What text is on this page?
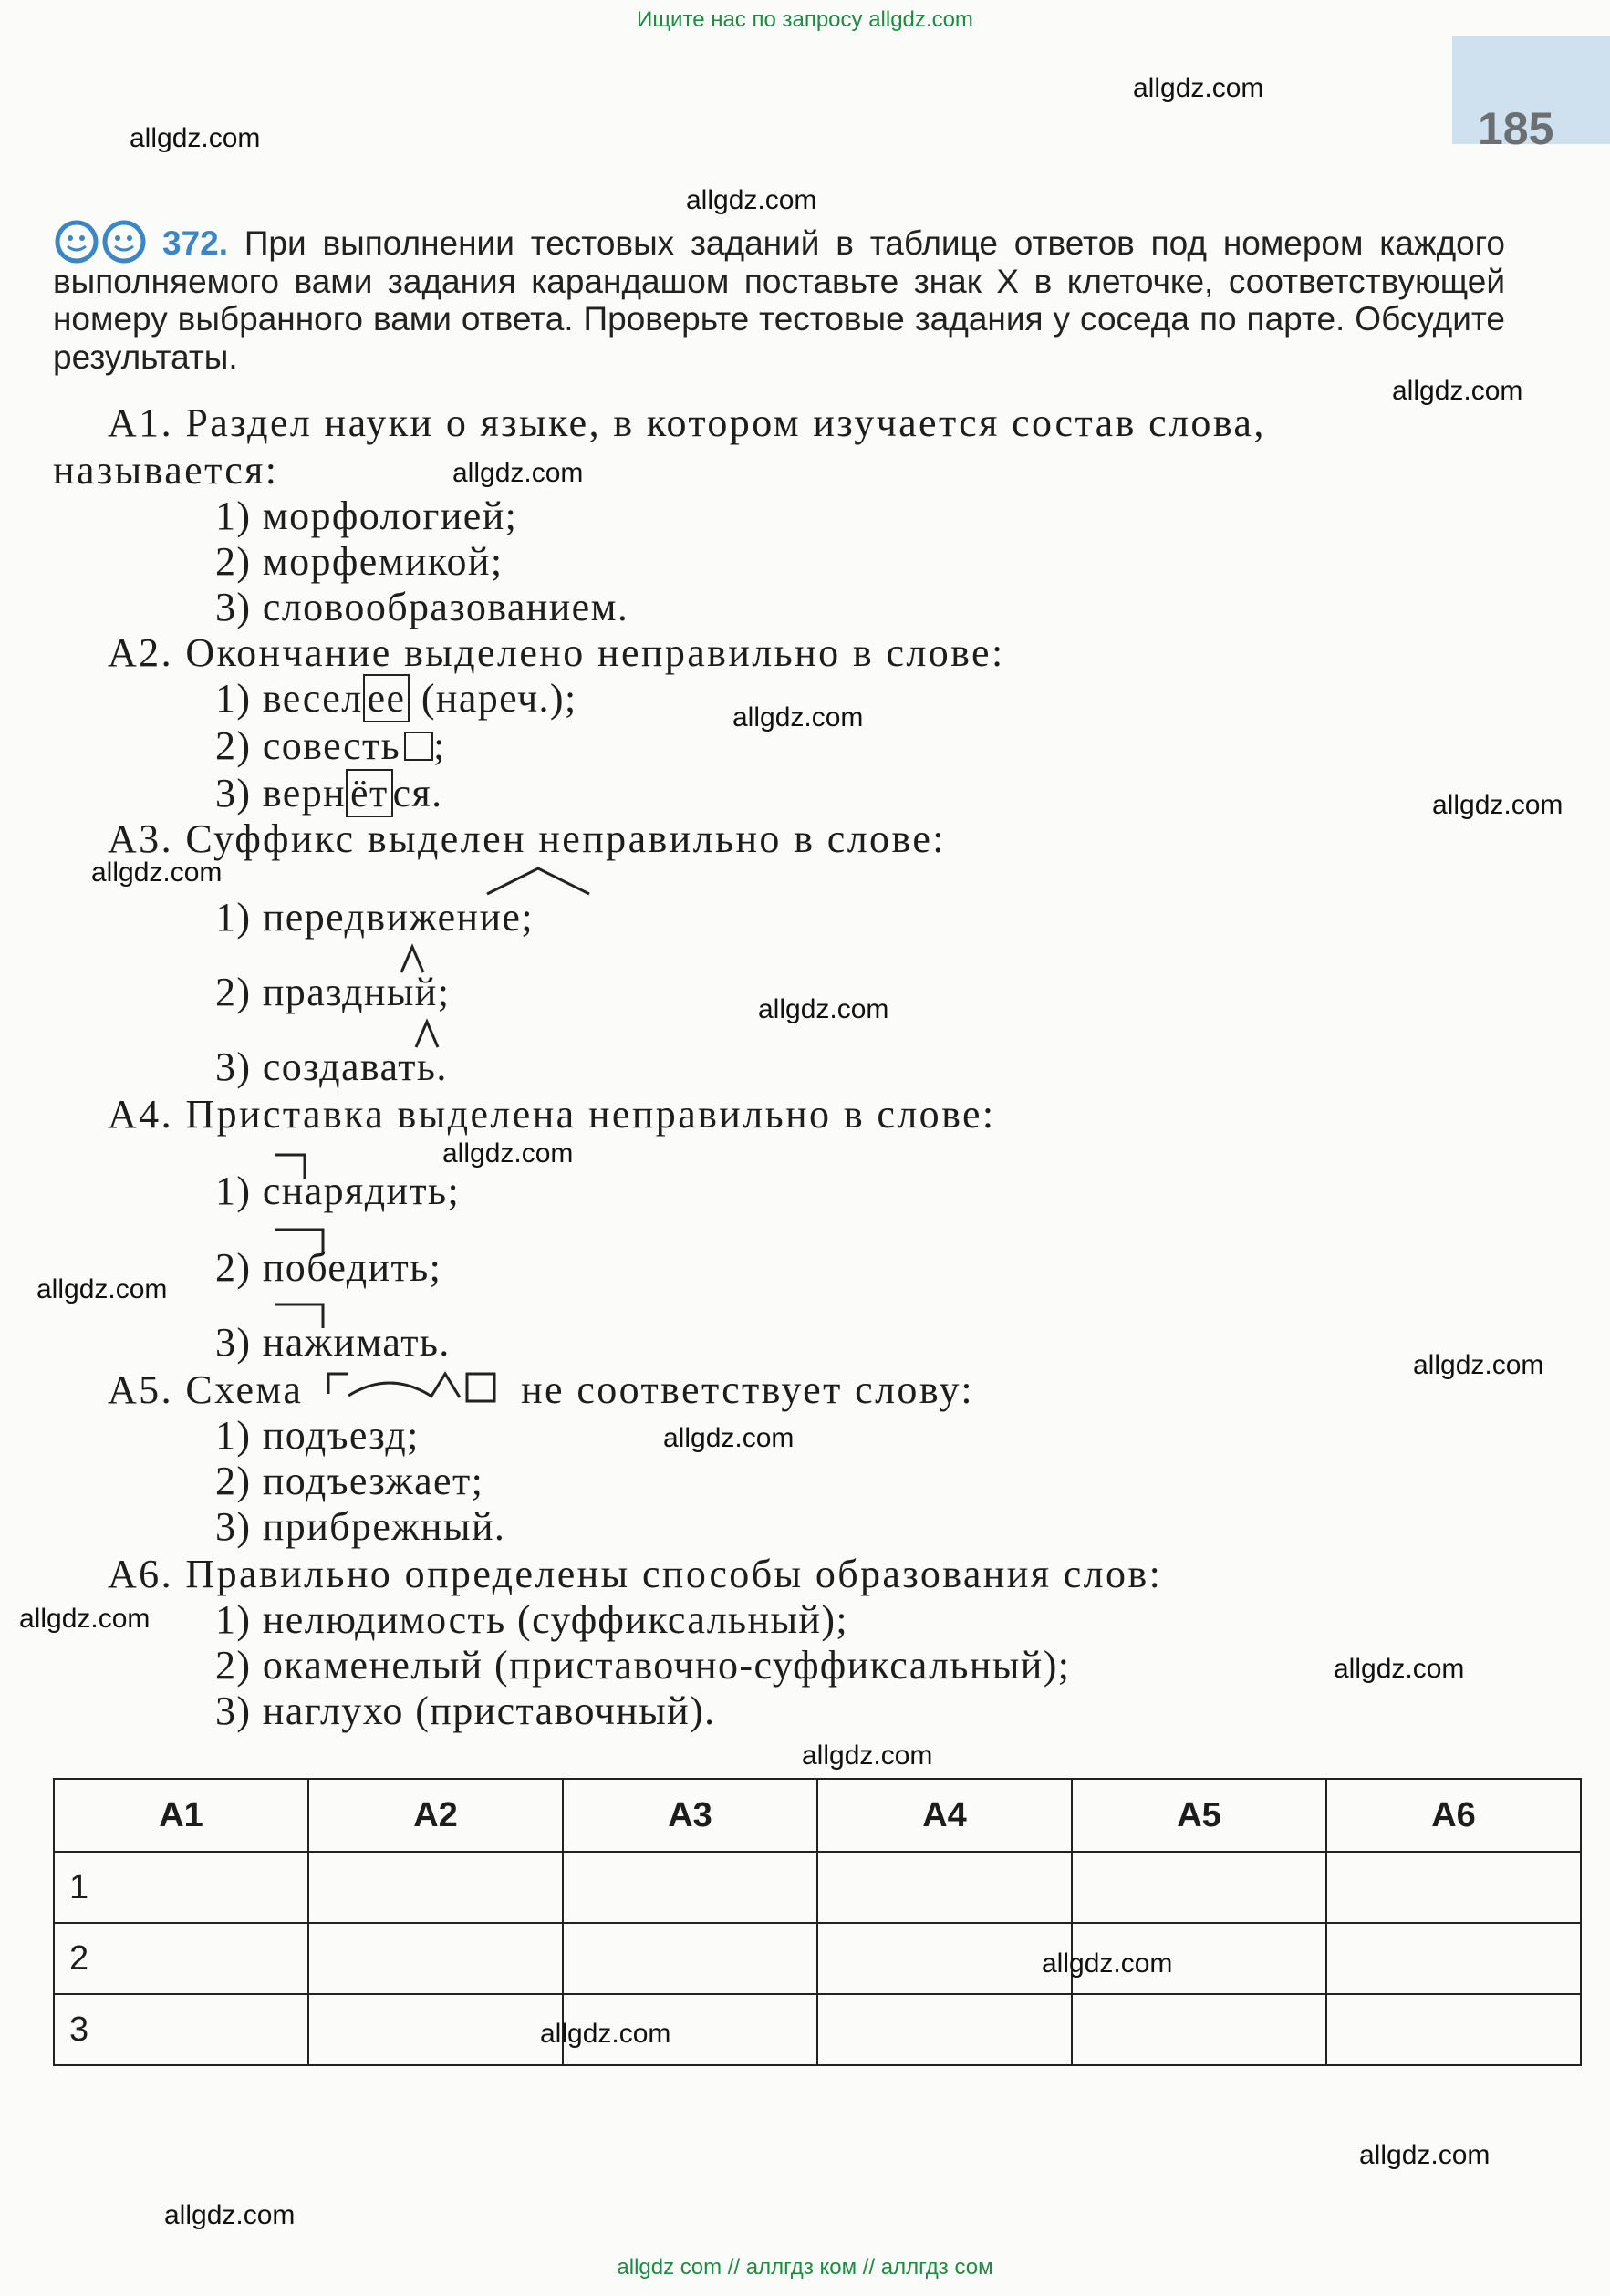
Ищите нас по запросу allgdz.com
185
372. При выполнении тестовых заданий в таблице ответов под номером каждого выполняемого вами задания карандашом поставьте знак X в клеточке, соответствующей номеру выбранного вами ответа. Проверьте тестовые задания у соседа по парте. Обсудите результаты.
А1. Раздел науки о языке, в котором изучается состав слова,
называется:
1) морфологией;
2) морфемикой;
3) словообразованием.
А2. Окончание выделено неправильно в слове:
1) весел ее (нареч.);
2) совесть ;
3) верн ёт ся.
А3. Суффикс выделен неправильно в слове:
1) передвижение;
2) праздный;
3) создавать.
А4. Приставка выделена неправильно в слове:
1) снарядить;
2) победить;
3) нажимать.
А5. Схема	не соответствует слову:
1) подъезд;
2) подъезжает;
3) прибрежный.
А6. Правильно определены способы образования слов:
1) нелюдимость (суффиксальный);
2) окаменелый (приставочно-суффиксальный);
3) наглухо (приставочный).
А1	А2	А3	А4	А5	А6
1					
2					
3					
allgdz.com
allgdz.com
allgdz.com
allgdz.com
allgdz.com
allgdz.com
allgdz.com
allgdz.com
allgdz.com
allgdz.com
allgdz.com
allgdz.com
allgdz.com
allgdz.com
allgdz.com
allgdz.com
allgdz.com
allgdz.com
allgdz.com
allgdz.com
allgdz com // аллгдз ком // аллгдз сом
